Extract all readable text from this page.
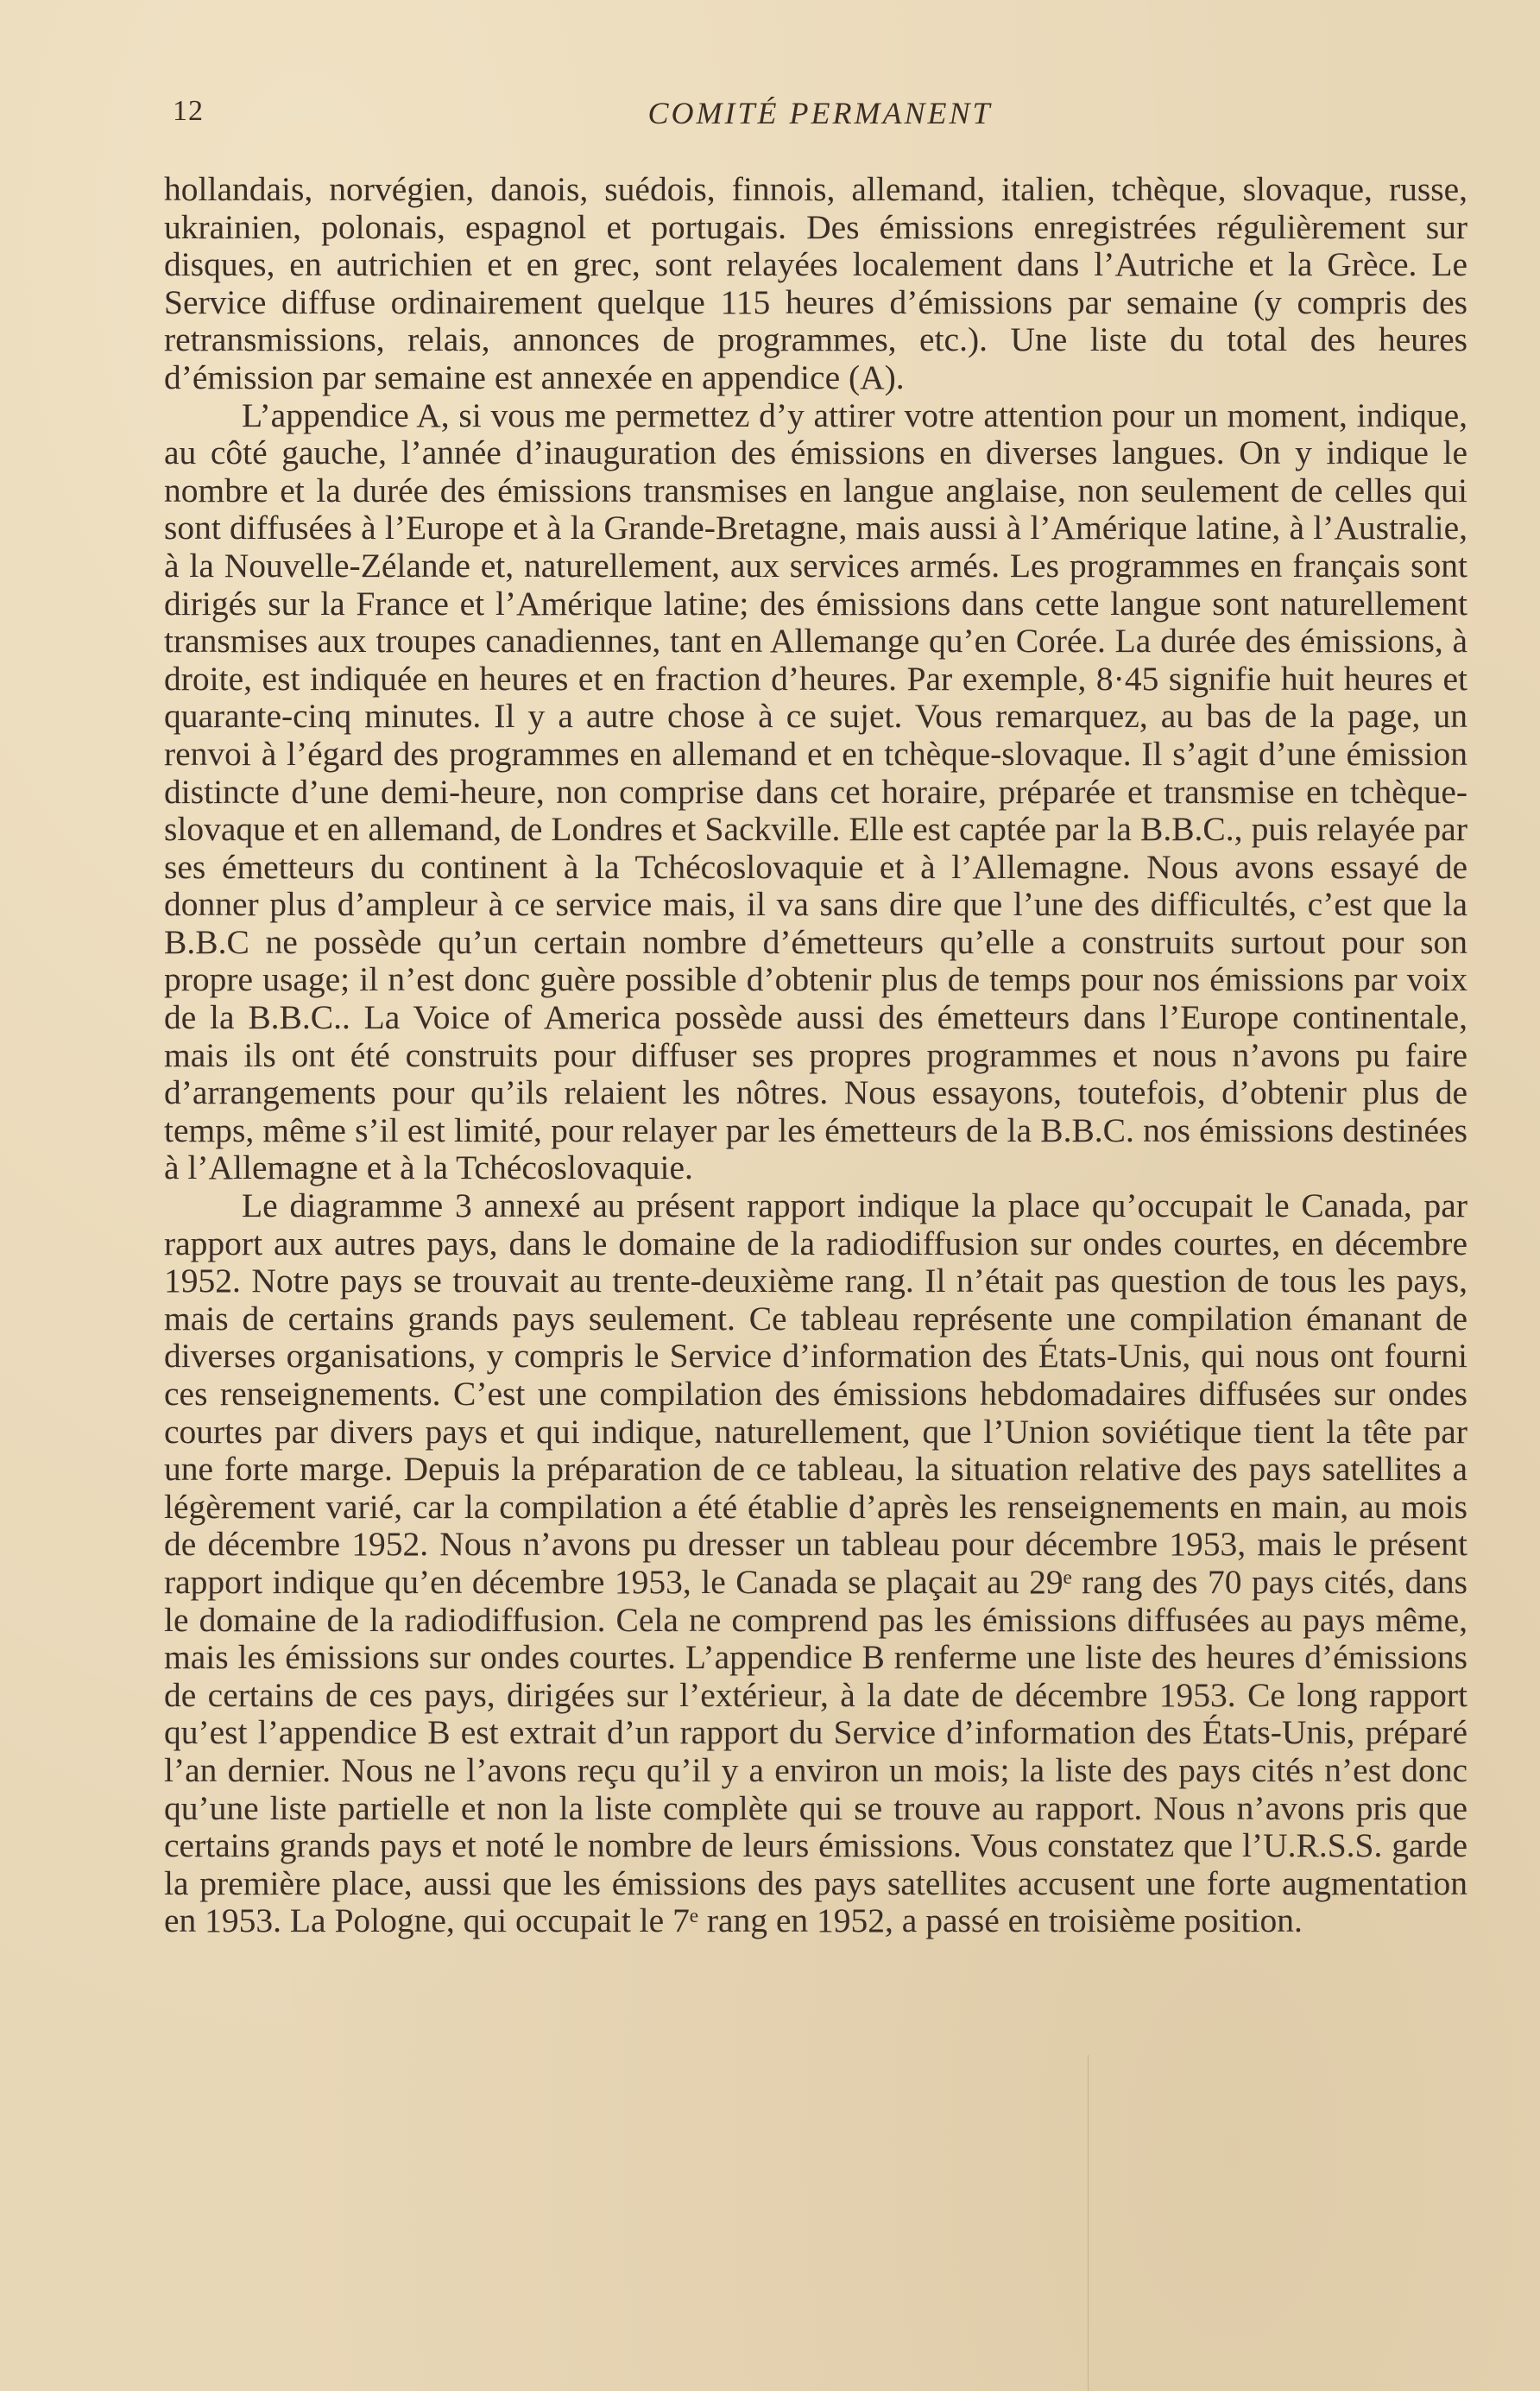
12	COMITÉ PERMANENT

hollandais, norvégien, danois, suédois, finnois, allemand, italien, tchèque, slovaque, russe, ukrainien, polonais, espagnol et portugais. Des émissions enregistrées régulièrement sur disques, en autrichien et en grec, sont relayées localement dans l’Autriche et la Grèce. Le Service diffuse ordinairement quelque 115 heures d’émissions par semaine (y compris des retransmissions, relais, annonces de programmes, etc.). Une liste du total des heures d’émission par semaine est annexée en appendice (A).

L’appendice A, si vous me permettez d’y attirer votre attention pour un moment, indique, au côté gauche, l’année d’inauguration des émissions en diverses langues. On y indique le nombre et la durée des émissions transmises en langue anglaise, non seulement de celles qui sont diffusées à l’Europe et à la Grande-Bretagne, mais aussi à l’Amérique latine, à l’Australie, à la Nouvelle-Zélande et, naturellement, aux services armés. Les programmes en français sont dirigés sur la France et l’Amérique latine; des émissions dans cette langue sont naturellement transmises aux troupes canadiennes, tant en Allemange qu’en Corée. La durée des émissions, à droite, est indiquée en heures et en fraction d’heures. Par exemple, 8·45 signifie huit heures et quarante-cinq minutes. Il y a autre chose à ce sujet. Vous remarquez, au bas de la page, un renvoi à l’égard des programmes en allemand et en tchèque-slovaque. Il s’agit d’une émission distincte d’une demi-heure, non comprise dans cet horaire, préparée et transmise en tchèque-slovaque et en allemand, de Londres et Sackville. Elle est captée par la B.B.C., puis relayée par ses émetteurs du continent à la Tchécoslovaquie et à l’Allemagne. Nous avons essayé de donner plus d’ampleur à ce service mais, il va sans dire que l’une des difficultés, c’est que la B.B.C ne possède qu’un certain nombre d’émetteurs qu’elle a construits surtout pour son propre usage; il n’est donc guère possible d’obtenir plus de temps pour nos émissions par voix de la B.B.C.. La Voice of America possède aussi des émetteurs dans l’Europe continentale, mais ils ont été construits pour diffuser ses propres programmes et nous n’avons pu faire d’arrangements pour qu’ils relaient les nôtres. Nous essayons, toutefois, d’obtenir plus de temps, même s’il est limité, pour relayer par les émetteurs de la B.B.C. nos émissions destinées à l’Allemagne et à la Tchécoslovaquie.

Le diagramme 3 annexé au présent rapport indique la place qu’occupait le Canada, par rapport aux autres pays, dans le domaine de la radiodiffusion sur ondes courtes, en décembre 1952. Notre pays se trouvait au trente-deuxième rang. Il n’était pas question de tous les pays, mais de certains grands pays seulement. Ce tableau représente une compilation émanant de diverses organisations, y compris le Service d’information des États-Unis, qui nous ont fourni ces renseignements. C’est une compilation des émissions hebdomadaires diffusées sur ondes courtes par divers pays et qui indique, naturellement, que l’Union soviétique tient la tête par une forte marge. Depuis la préparation de ce tableau, la situation relative des pays satellites a légèrement varié, car la compilation a été établie d’après les renseignements en main, au mois de décembre 1952. Nous n’avons pu dresser un tableau pour décembre 1953, mais le présent rapport indique qu’en décembre 1953, le Canada se plaçait au 29ᵉ rang des 70 pays cités, dans le domaine de la radiodiffusion. Cela ne comprend pas les émissions diffusées au pays même, mais les émissions sur ondes courtes. L’appendice B renferme une liste des heures d’émissions de certains de ces pays, dirigées sur l’extérieur, à la date de décembre 1953. Ce long rapport qu’est l’appendice B est extrait d’un rapport du Service d’information des États-Unis, préparé l’an dernier. Nous ne l’avons reçu qu’il y a environ un mois; la liste des pays cités n’est donc qu’une liste partielle et non la liste complète qui se trouve au rapport. Nous n’avons pris que certains grands pays et noté le nombre de leurs émissions. Vous constatez que l’U.R.S.S. garde la première place, aussi que les émissions des pays satellites accusent une forte augmentation en 1953. La Pologne, qui occupait le 7ᵉ rang en 1952, a passé en troisième position.
